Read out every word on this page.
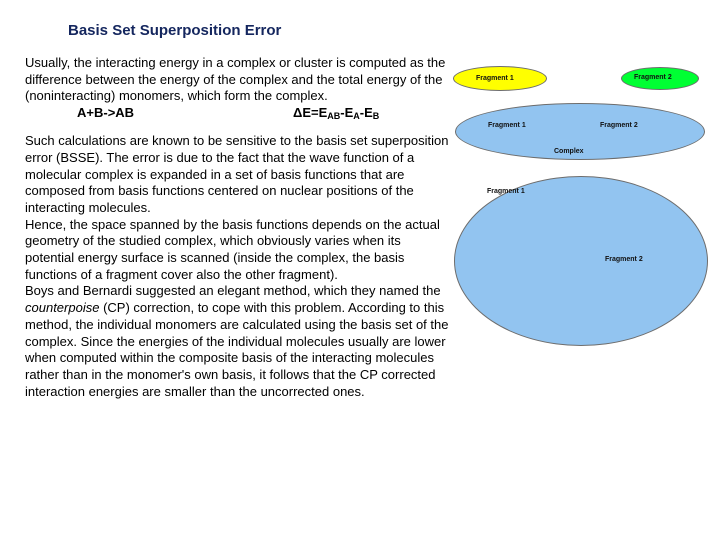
Basis Set Superposition Error

Usually, the interacting energy in a complex or cluster is computed as the difference between the energy of the complex and the total energy of the (noninteracting) monomers, which form the complex.

A+B->AB	$\Delta E=E_{AB}-E_A-E_B$

Such calculations are known to be sensitive to the basis set superposition error (BSSE). The error is due to the fact that the wave function of a molecular complex is expanded in a set of basis functions that are composed from basis functions centered on nuclear positions of the interacting molecules.

Hence, the space spanned by the basis functions depends on the actual geometry of the studied complex, which obviously varies when its potential energy surface is scanned (inside the complex, the basis functions of a fragment cover also the other fragment).

Boys and Bernardi suggested an elegant method, which they named the counterpoise (CP) correction, to cope with this problem. According to this method, the individual monomers are calculated using the basis set of the complex. Since the energies of the individual molecules usually are lower when computed within the composite basis of the interacting molecules rather than in the monomer's own basis, it follows that the CP corrected interaction energies are smaller than the uncorrected ones.

Fragment 1	Fragment 2
Fragment 1	Fragment 2
Complex
Fragment 1
Fragment 2
